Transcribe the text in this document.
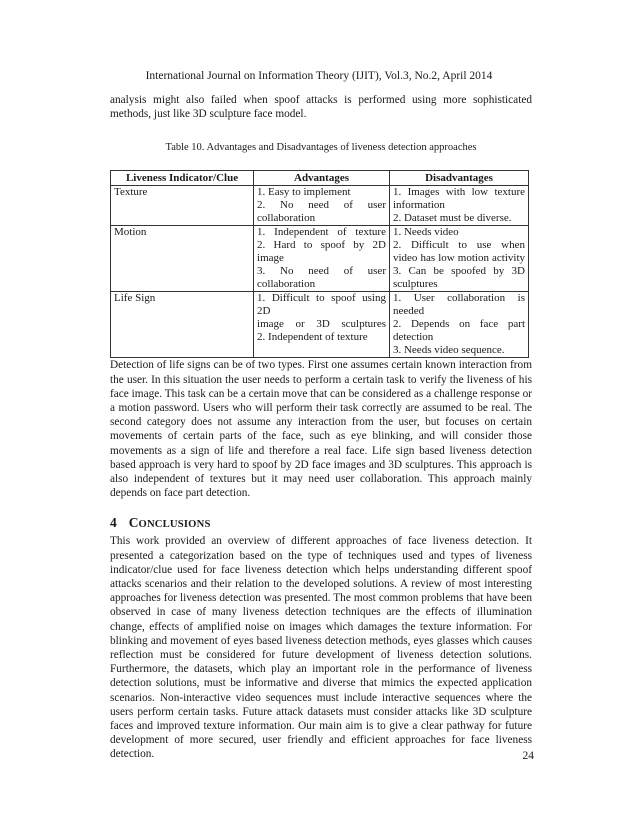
International Journal on Information Theory (IJIT), Vol.3, No.2, April 2014

analysis might also failed when spoof attacks is performed using more sophisticated methods, just like 3D sculpture face model.

Table 10. Advantages and Disadvantages of liveness detection approaches
Liveness Indicator/Clue	Advantages	Disadvantages
Texture	1. Easy to implement
2. No need of user
collaboration	1. Images with low texture
information
2. Dataset must be diverse.

Motion	1. Independent of texture
2. Hard to spoof by 2D
image
3. No need of user
collaboration	1. Needs video
2. Difficult to use when
video has low motion activity
3. Can be spoofed by 3D
sculptures

Life Sign	1. Difficult to spoof using 2D
image or 3D sculptures
2. Independent of texture	1. User collaboration is
needed
2. Depends on face part
detection
3. Needs video sequence.

Detection of life signs can be of two types. First one assumes certain known interaction from the user. In this situation the user needs to perform a certain task to verify the liveness of his face image. This task can be a certain move that can be considered as a challenge response or a motion password. Users who will perform their task correctly are assumed to be real. The second category does not assume any interaction from the user, but focuses on certain movements of certain parts of the face, such as eye blinking, and will consider those movements as a sign of life and therefore a real face. Life sign based liveness detection based approach is very hard to spoof by 2D face images and 3D sculptures. This approach is also independent of textures but it may need user collaboration. This approach mainly depends on face part detection.

4 CONCLUSIONS

This work provided an overview of different approaches of face liveness detection. It presented a categorization based on the type of techniques used and types of liveness indicator/clue used for face liveness detection which helps understanding different spoof attacks scenarios and their relation to the developed solutions. A review of most interesting approaches for liveness detection was presented. The most common problems that have been observed in case of many liveness detection techniques are the effects of illumination change, effects of amplified noise on images which damages the texture information. For blinking and movement of eyes based liveness detection methods, eyes glasses which causes reflection must be considered for future development of liveness detection solutions. Furthermore, the datasets, which play an important role in the performance of liveness detection solutions, must be informative and diverse that mimics the expected application scenarios. Non-interactive video sequences must include interactive sequences where the users perform certain tasks. Future attack datasets must consider attacks like 3D sculpture faces and improved texture information. Our main aim is to give a clear pathway for future development of more secured, user friendly and efficient approaches for face liveness detection.	24
